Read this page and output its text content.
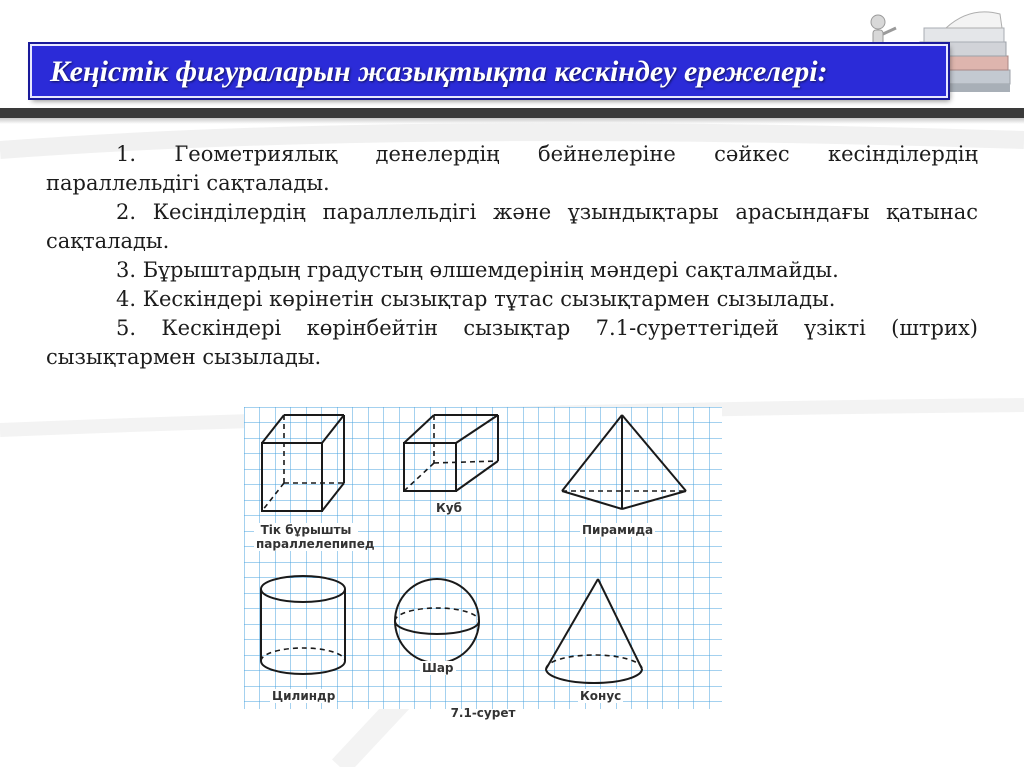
Кеңістік фигураларын жазықтықта кескіндеу ережелері:

1. Геометриялық денелердің бейнелеріне сәйкес кесінділердің параллельдігі сақталады.

2. Кесінділердің параллельдігі және ұзындықтары арасындағы қатынас сақталады.

3. Бұрыштардың градустың өлшемдерінің мәндері сақталмайды.

4. Кескіндері көрінетін сызықтар тұтас сызықтармен сызылады.

5. Кескіндері көрінбейтін сызықтар 7.1-суреттегідей үзікті (штрих) сызықтармен сызылады.

Тік бұрышты
параллелепипед
Куб
Пирамида
Цилиндр
Шар
Конус
7.1-сурет
